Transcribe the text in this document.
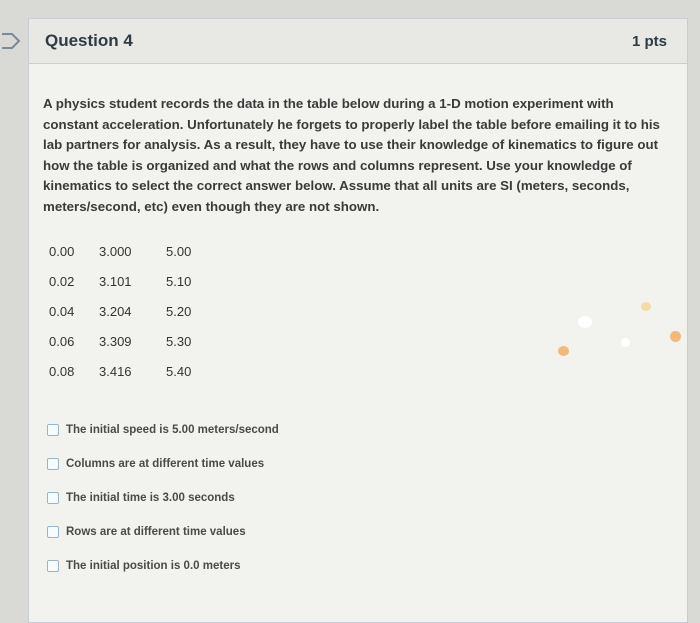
Question 4	1 pts
A physics student records the data in the table below during a 1-D motion experiment with constant acceleration. Unfortunately he forgets to properly label the table before emailing it to his lab partners for analysis. As a result, they have to use their knowledge of kinematics to figure out how the table is organized and what the rows and columns represent. Use your knowledge of kinematics to select the correct answer below. Assume that all units are SI (meters, seconds, meters/second, etc) even though they are not shown.
0.00	3.000	5.00
0.02	3.101	5.10
0.04	3.204	5.20
0.06	3.309	5.30
0.08	3.416	5.40
The initial speed is 5.00 meters/second
Columns are at different time values
The initial time is 3.00 seconds
Rows are at different time values
The initial position is 0.0 meters
